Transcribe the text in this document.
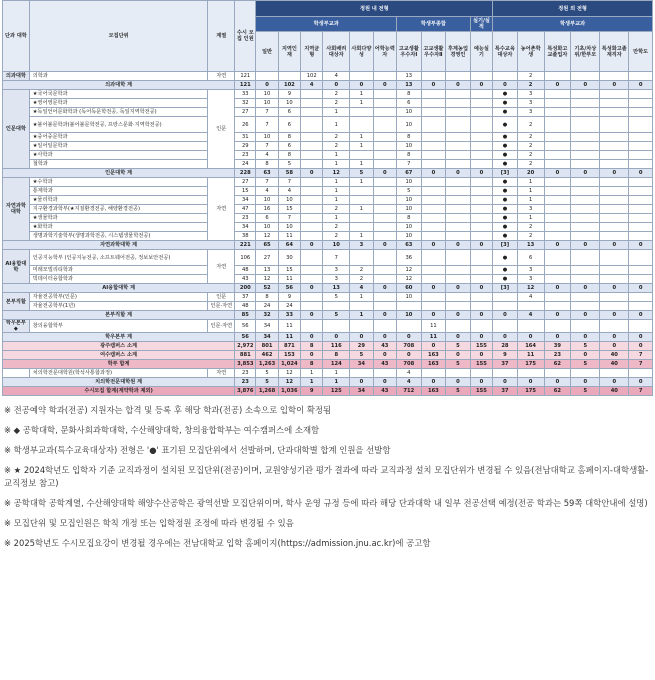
단과 대학	모집단위	계열	수시 모집 인원	정원 내 전형										정원 외 전형					
				학생부교과						학생부종합			실기/실적	학생부교과					
				일반	지역인재	지역균형	사회배려대상자	사회다양성	어학능력자	고교생활우수자Ⅰ	고교생활우수자Ⅱ	후계농업경영인	예능실기	특수교육대상자	농어촌학생	특성화고교졸업자	기초/차상위/한부모	특성화고졸재직자	만학도
의과대학	의학과	자연	121			102	4			13					2				
의과대학 계			121	0	102	4	0	0	0	13	0	0	0	0	2	0	0	0	0
인문대학	★국어국문학과	인문	33	10	9		2	1		8				●	3				
	★영어영문학과		32	10	10		2	1		6				●	3				
	★독일언어문화학과 (독어독문학전공, 독일지역학전공)		27	7	6		1			10				●	3				
	★불어불문학과(불어불문학전공, 프랑스문화·지역학전공)		26	7	6		1			10				●	2				
	★중어중문학과		31	10	8		2	1		8				●	2				
	★일어일문학과		29	7	6		2	1		10				●	2				
	★사학과		23	4	8		1			8				●	2				
	철학과		24	8	5		1	1		7				●	2				
인문대학 계			228	63	58	0	12	5	0	67	0	0	0	[3]	20	0	0	0	0
자연과학대학	★수학과	자연	27	7	7		1	1		10				●	1				
	통계학과		15	4	4		1			5				●	1				
	★물리학과		34	10	10		1			10				●	1				
	지구환경과학부(★지질환경전공, 해양환경전공)		47	16	15		2	1		10				●	3				
	★생물학과		23	6	7		1			8				●	1				
	★화학과		34	10	10		2			10				●	2				
	생명과학기술학부(생명과학전공, 시스템생물학전공)		38	12	11		2	1		10				●	2				
자연과학대학 계			221	65	64	0	10	3	0	63	0	0	0	[3]	13	0	0	0	0
AI융합대학	인공지능학부 (인공지능전공, 소프트웨어전공, 정보보안전공)	자연	106	27	30		7			36				●	6				
	미래모빌리티학과		48	13	15		3	2		12				●	3				
	빅데이터융합학과		43	12	11		3	2		12				●	3				
AI융합대학 계			200	52	56	0	13	4	0	60	0	0	0	[3]	12	0	0	0	0
본부직할	자율전공학부(인문)	인문	37	8	9		5	1		10					4				
	자율전공학부(1년)	인문·자연	48	24	24														
본부직할 계			85	32	33	0	5	1	0	10	0	0	0	0	4	0	0	0	0
학우본부◆	창의융합학부	인문·자연	56	34	11						11								
학우본부 계			56	34	11	0	0	0	0	0	11	0	0	0	0	0	0	0	0
광주캠퍼스 소계			2,972	801	871	8	116	29	43	708	0	5	155	28	164	39	5	0	0
여수캠퍼스 소계			881	462	153	0	8	5	0	0	163	0	0	9	11	23	0	40	7
학부 합계			3,853	1,263	1,024	8	124	34	43	708	163	5	155	37	175	62	5	40	7
	치의학전문대학원(학석사통합과정)	자연	23	5	12	1	1			4									
치의학전문대학원 계			23	5	12	1	1	0	0	4	0	0	0	0	0	0	0	0	0
수시모집 합계(계약학과 제외)			3,876	1,268	1,036	9	125	34	43	712	163	5	155	37	175	62	5	40	7

※ 전공예약 학과(전공) 지원자는 합격 및 등록 후 해당 학과(전공) 소속으로 입학이 확정됨

※ ◆ 공학대학, 문화사회과학대학, 수산해양대학, 창의융합학부는 여수캠퍼스에 소재함

※ 학생부교과(특수교육대상자) 전형은 '●' 표기된 모집단위에서 선발하며, 단과대학별 합계 인원을 선발함

※ ★ 2024학년도 입학자 기준 교직과정이 설치된 모집단위(전공)이며, 교원양성기관 평가 결과에 따라 교직과정 설치 모집단위가 변경될 수 있음(전남대학교 홈페이지-대학생활-교직정보 참고)

※ 공학대학 공학계열, 수산해양대학 해양수산공학은 광역선발 모집단위이며, 학사 운영 규정 등에 따라 해당 단과대학 내 일부 전공선택 예정(전공 학과는 59쪽 대학안내에 설명)

※ 모집단위 및 모집인원은 학칙 개정 또는 입학정원 조정에 따라 변경될 수 있음

※ 2025학년도 수시모집요강이 변경될 경우에는 전남대학교 입학 홈페이지(https://admission.jnu.ac.kr)에 공고함
